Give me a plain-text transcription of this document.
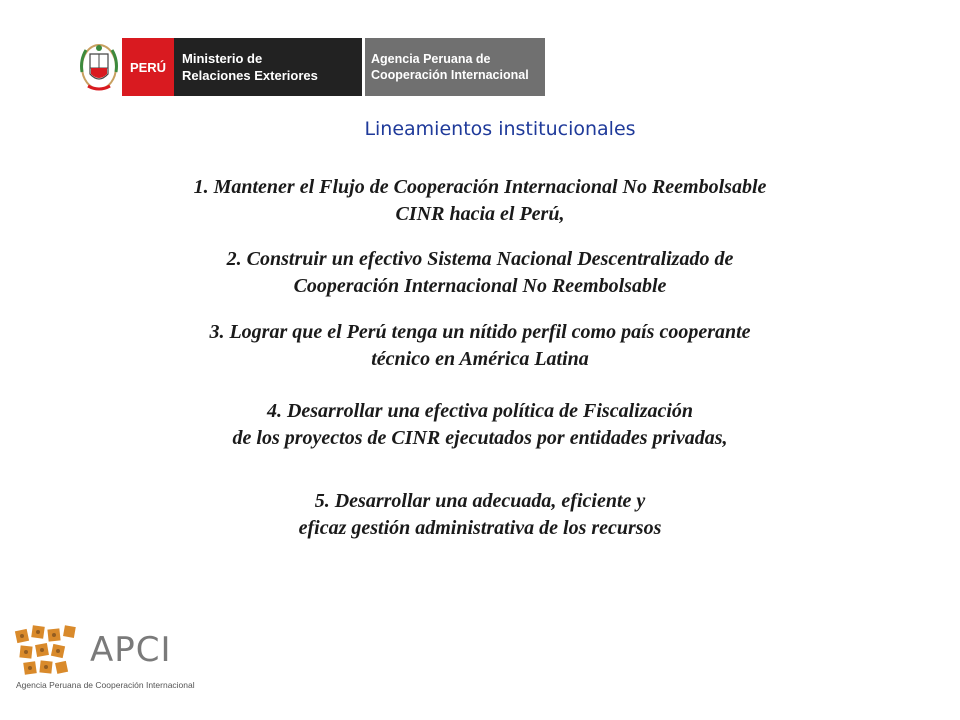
PERÚ
Ministerio de
Relaciones Exteriores
Agencia Peruana de
Cooperación Internacional
Lineamientos institucionales
1. Mantener el Flujo de Cooperación Internacional No Reembolsable
CINR hacia el Perú,
2. Construir un efectivo Sistema Nacional Descentralizado de
Cooperación Internacional No Reembolsable
3. Lograr que el Perú tenga un nítido perfil como país cooperante
técnico en América Latina
4. Desarrollar una efectiva política de Fiscalización
de los proyectos de CINR ejecutados por entidades privadas,
5. Desarrollar una adecuada, eficiente y
eficaz gestión administrativa de los recursos
APCI
Agencia Peruana de Cooperación Internacional
